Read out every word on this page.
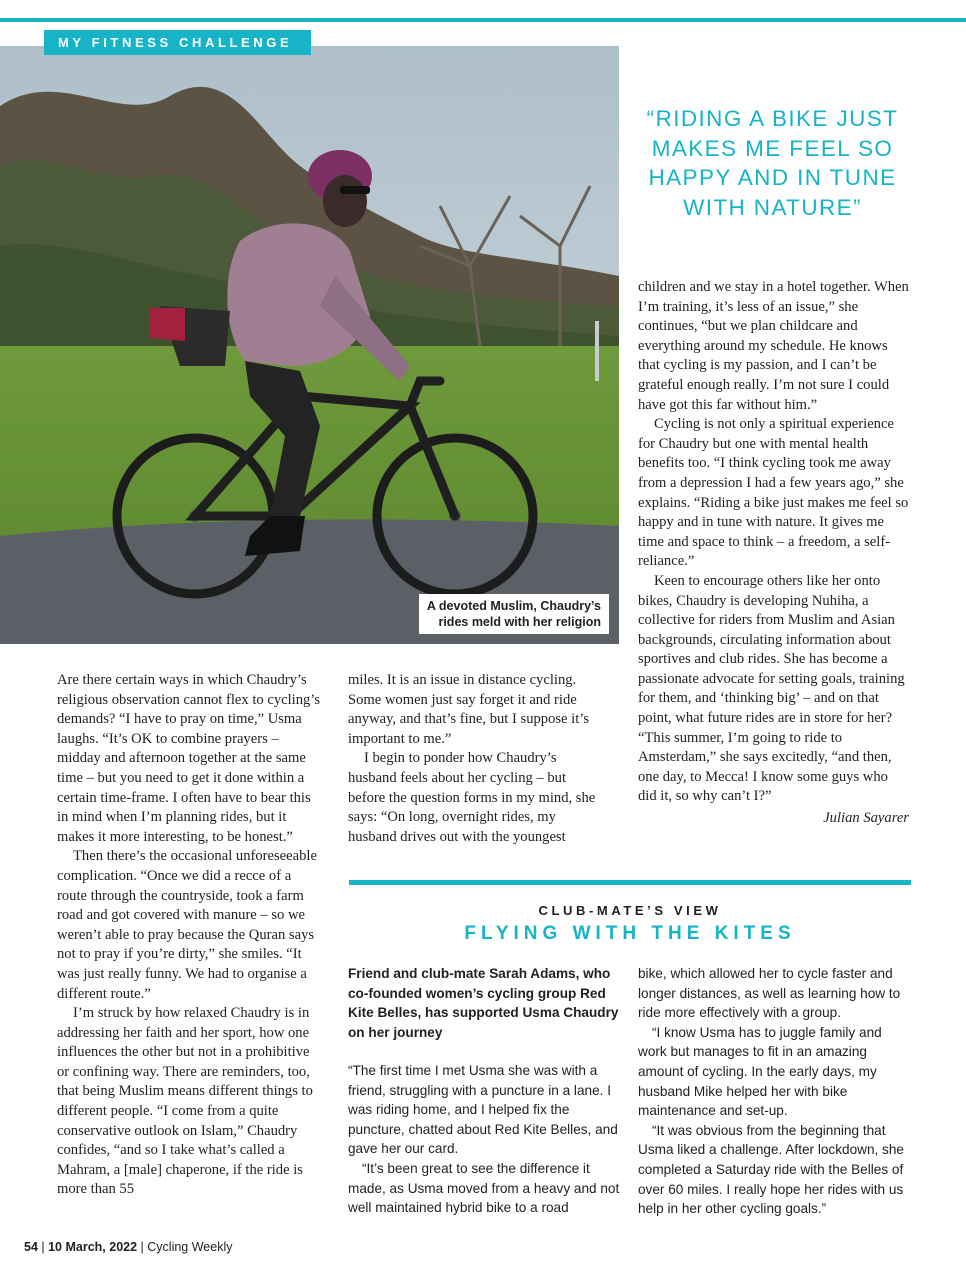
MY FITNESS CHALLENGE
A devoted Muslim, Chaudry’s
rides meld with her religion
“RIDING A BIKE JUST MAKES ME FEEL SO HAPPY AND IN TUNE WITH NATURE”

Are there certain ways in which Chaudry’s religious observation cannot flex to cycling’s demands? “I have to pray on time,” Usma laughs. “It’s OK to combine prayers – midday and afternoon together at the same time – but you need to get it done within a certain time-frame. I often have to bear this in mind when I’m planning rides, but it makes it more interesting, to be honest.”

Then there’s the occasional unforeseeable complication. “Once we did a recce of a route through the countryside, took a farm road and got covered with manure – so we weren’t able to pray because the Quran says not to pray if you’re dirty,” she smiles. “It was just really funny. We had to organise a different route.”

I’m struck by how relaxed Chaudry is in addressing her faith and her sport, how one influences the other but not in a prohibitive or confining way. There are reminders, too, that being Muslim means different things to different people. “I come from a quite conservative outlook on Islam,” Chaudry confides, “and so I take what’s called a Mahram, a [male] chaperone, if the ride is more than 55

miles. It is an issue in distance cycling. Some women just say forget it and ride anyway, and that’s fine, but I suppose it’s important to me.”

I begin to ponder how Chaudry’s husband feels about her cycling – but before the question forms in my mind, she says: “On long, overnight rides, my husband drives out with the youngest

children and we stay in a hotel together. When I’m training, it’s less of an issue,” she continues, “but we plan childcare and everything around my schedule. He knows that cycling is my passion, and I can’t be grateful enough really. I’m not sure I could have got this far without him.”

Cycling is not only a spiritual experience for Chaudry but one with mental health benefits too. “I think cycling took me away from a depression I had a few years ago,” she explains. “Riding a bike just makes me feel so happy and in tune with nature. It gives me time and space to think – a freedom, a self-reliance.”

Keen to encourage others like her onto bikes, Chaudry is developing Nuhiha, a collective for riders from Muslim and Asian backgrounds, circulating information about sportives and club rides. She has become a passionate advocate for setting goals, training for them, and ‘thinking big’ – and on that point, what future rides are in store for her? “This summer, I’m going to ride to Amsterdam,” she says excitedly, “and then, one day, to Mecca! I know some guys who did it, so why can’t I?”

Julian Sayarer
CLUB-MATE’S VIEW
FLYING WITH THE KITES

Friend and club-mate Sarah Adams, who co-founded women’s cycling group Red Kite Belles, has supported Usma Chaudry on her journey

“The first time I met Usma she was with a friend, struggling with a puncture in a lane. I was riding home, and I helped fix the puncture, chatted about Red Kite Belles, and gave her our card.

“It’s been great to see the difference it made, as Usma moved from a heavy and not well maintained hybrid bike to a road

bike, which allowed her to cycle faster and longer distances, as well as learning how to ride more effectively with a group.

“I know Usma has to juggle family and work but manages to fit in an amazing amount of cycling. In the early days, my husband Mike helped her with bike maintenance and set-up.

“It was obvious from the beginning that Usma liked a challenge. After lockdown, she completed a Saturday ride with the Belles of over 60 miles. I really hope her rides with us help in her other cycling goals.”

54 | 10 March, 2022 | Cycling Weekly
